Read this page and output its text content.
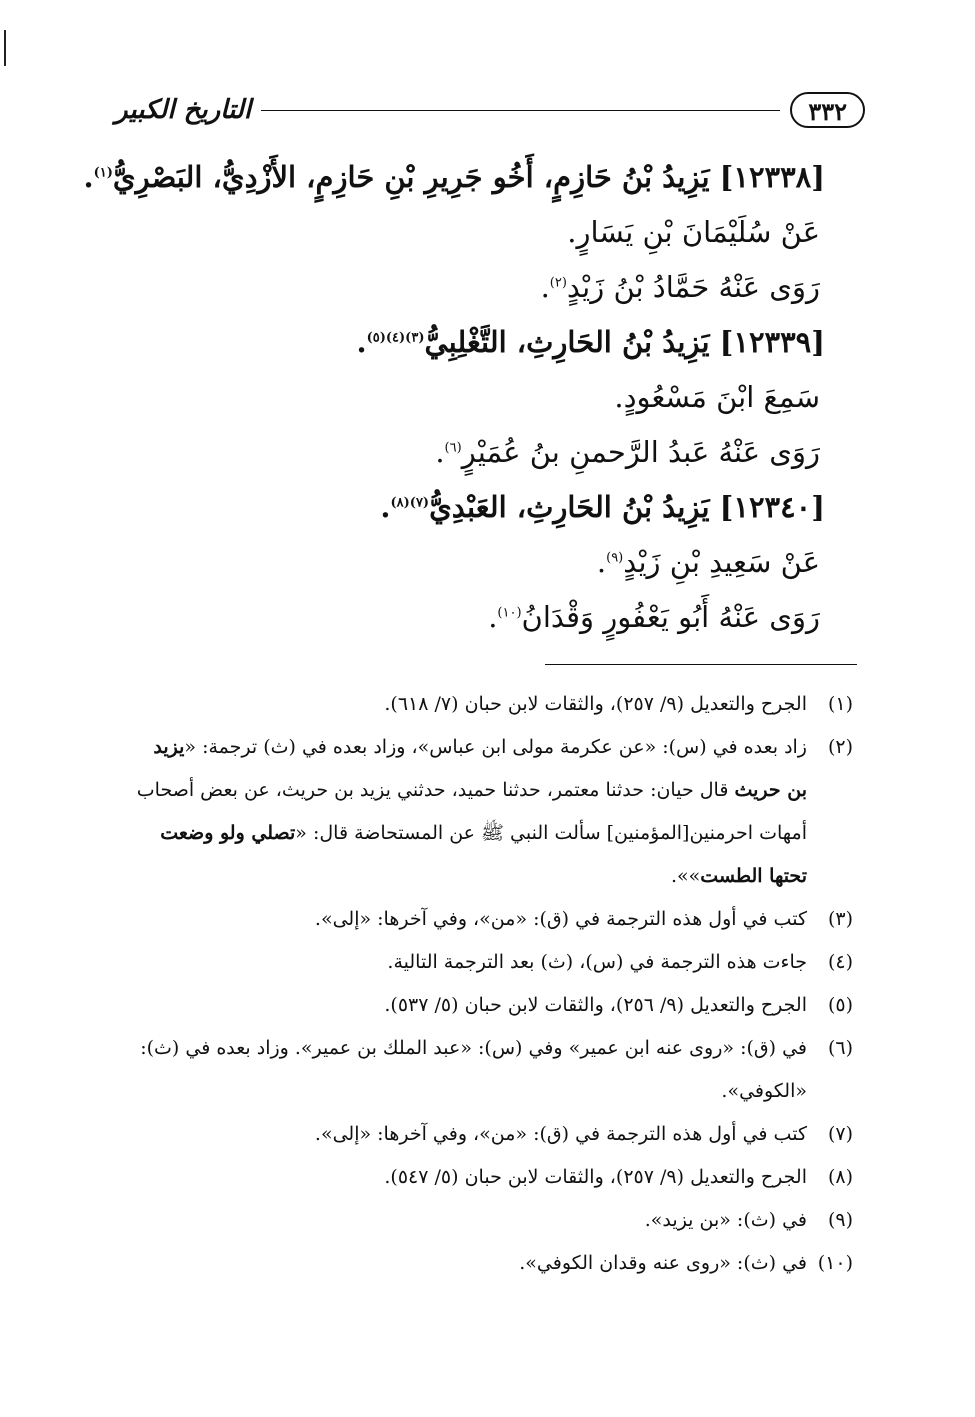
٣٣٢
التاريخ الكبير
[١٢٣٣٨] يَزِيدُ بْنُ حَازِمٍ، أَخُو جَرِيرِ بْنِ حَازِمٍ، الأَزْدِيُّ، البَصْرِيُّ$^{(١)}$.
عَنْ سُلَيْمَانَ بْنِ يَسَارٍ.
رَوَى عَنْهُ حَمَّادُ بْنُ زَيْدٍ$^{(٢)}$.
[١٢٣٣٩] يَزِيدُ بْنُ الحَارِثِ، التَّغْلِبِيُّ$^{(٣)(٤)(٥)}$.
سَمِعَ ابْنَ مَسْعُودٍ.
رَوَى عَنْهُ عَبدُ الرَّحمنِ بنُ عُمَيْرٍ$^{(٦)}$.
[١٢٣٤٠] يَزِيدُ بْنُ الحَارِثِ، العَبْدِيُّ$^{(٧)(٨)}$.
عَنْ سَعِيدِ بْنِ زَيْدٍ$^{(٩)}$.
رَوَى عَنْهُ أَبُو يَعْفُورٍ وَقْدَانُ$^{(١٠)}$.
(١)
الجرح والتعديل (٩/ ٢٥٧)، والثقات لابن حبان (٧/ ٦١٨).
(٢)
زاد بعده في (س): «عن عكرمة مولى ابن عباس»، وزاد بعده في (ث) ترجمة: «يزيد بن حريث قال حيان: حدثنا معتمر، حدثنا حميد، حدثني يزيد بن حريث، عن بعض أصحاب أمهات احرمنين[المؤمنين] سألت النبي ﷺ عن المستحاضة قال: «تصلي ولو وضعت تحتها الطست»».
(٣)
كتب في أول هذه الترجمة في (ق): «من»، وفي آخرها: «إلى».
(٤)
جاءت هذه الترجمة في (س)، (ث) بعد الترجمة التالية.
(٥)
الجرح والتعديل (٩/ ٢٥٦)، والثقات لابن حبان (٥/ ٥٣٧).
(٦)
في (ق): «روى عنه ابن عمير» وفي (س): «عبد الملك بن عمير». وزاد بعده في (ث): «الكوفي».
(٧)
كتب في أول هذه الترجمة في (ق): «من»، وفي آخرها: «إلى».
(٨)
الجرح والتعديل (٩/ ٢٥٧)، والثقات لابن حبان (٥/ ٥٤٧).
(٩)
في (ث): «بن يزيد».
(١٠)
في (ث): «روى عنه وقدان الكوفي».
